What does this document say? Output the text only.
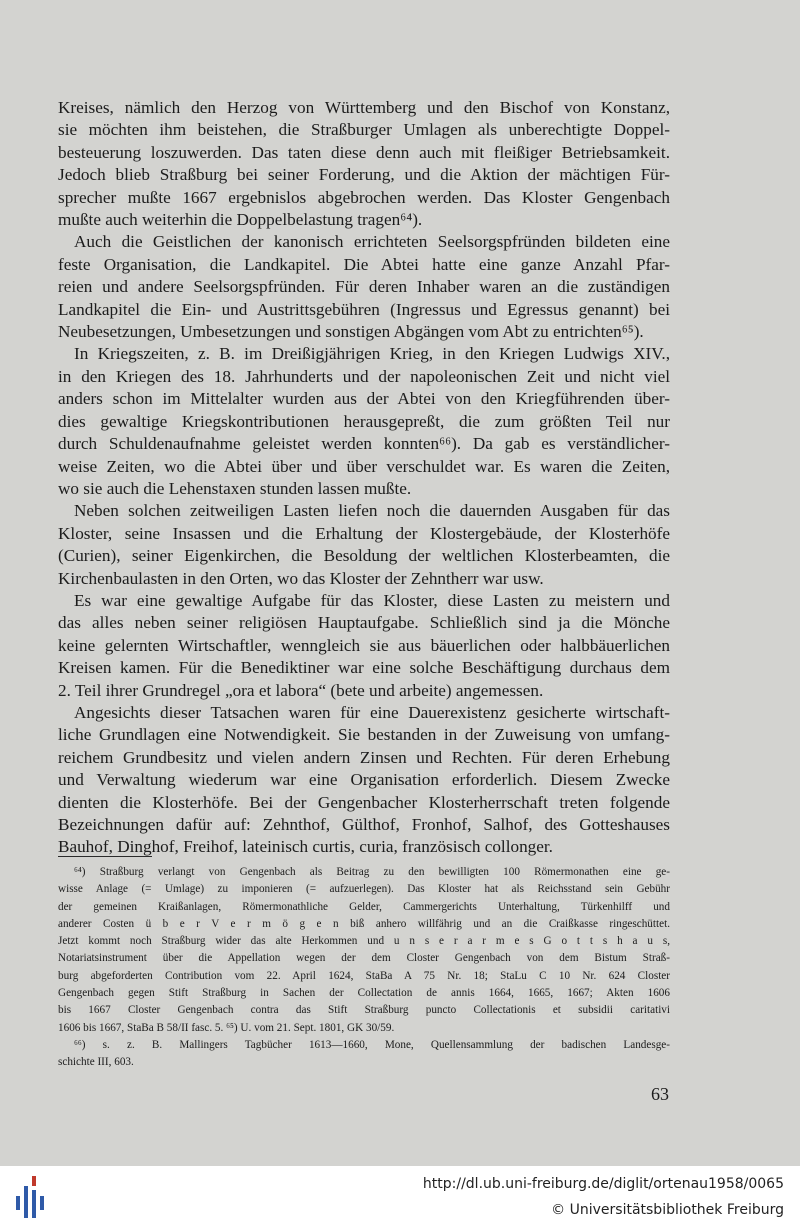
Kreises, nämlich den Herzog von Württemberg und den Bischof von Konstanz,
sie möchten ihm beistehen, die Straßburger Umlagen als unberechtigte Doppel-
besteuerung loszuwerden. Das taten diese denn auch mit fleißiger Betriebsamkeit.
Jedoch blieb Straßburg bei seiner Forderung, und die Aktion der mächtigen Für-
sprecher mußte 1667 ergebnislos abgebrochen werden. Das Kloster Gengenbach
mußte auch weiterhin die Doppelbelastung tragen⁶⁴).
Auch die Geistlichen der kanonisch errichteten Seelsorgspfründen bildeten eine
feste Organisation, die Landkapitel. Die Abtei hatte eine ganze Anzahl Pfar-
reien und andere Seelsorgspfründen. Für deren Inhaber waren an die zuständigen
Landkapitel die Ein- und Austrittsgebühren (Ingressus und Egressus genannt) bei
Neubesetzungen, Umbesetzungen und sonstigen Abgängen vom Abt zu entrichten⁶⁵).
In Kriegszeiten, z. B. im Dreißigjährigen Krieg, in den Kriegen Ludwigs XIV.,
in den Kriegen des 18. Jahrhunderts und der napoleonischen Zeit und nicht viel
anders schon im Mittelalter wurden aus der Abtei von den Kriegführenden über-
dies gewaltige Kriegskontributionen herausgepreßt, die zum größten Teil nur
durch Schuldenaufnahme geleistet werden konnten⁶⁶). Da gab es verständlicher-
weise Zeiten, wo die Abtei über und über verschuldet war. Es waren die Zeiten,
wo sie auch die Lehenstaxen stunden lassen mußte.
Neben solchen zeitweiligen Lasten liefen noch die dauernden Ausgaben für das
Kloster, seine Insassen und die Erhaltung der Klostergebäude, der Klosterhöfe
(Curien), seiner Eigenkirchen, die Besoldung der weltlichen Klosterbeamten, die
Kirchenbaulasten in den Orten, wo das Kloster der Zehntherr war usw.
Es war eine gewaltige Aufgabe für das Kloster, diese Lasten zu meistern und
das alles neben seiner religiösen Hauptaufgabe. Schließlich sind ja die Mönche
keine gelernten Wirtschaftler, wenngleich sie aus bäuerlichen oder halbbäuerlichen
Kreisen kamen. Für die Benediktiner war eine solche Beschäftigung durchaus dem
2. Teil ihrer Grundregel „ora et labora“ (bete und arbeite) angemessen.
Angesichts dieser Tatsachen waren für eine Dauerexistenz gesicherte wirtschaft-
liche Grundlagen eine Notwendigkeit. Sie bestanden in der Zuweisung von umfang-
reichem Grundbesitz und vielen andern Zinsen und Rechten. Für deren Erhebung
und Verwaltung wiederum war eine Organisation erforderlich. Diesem Zwecke
dienten die Klosterhöfe. Bei der Gengenbacher Klosterherrschaft treten folgende
Bezeichnungen dafür auf: Zehnthof, Gülthof, Fronhof, Salhof, des Gotteshauses
Bauhof, Dinghof, Freihof, lateinisch curtis, curia, französisch collonger.
⁶⁴) Straßburg verlangt von Gengenbach als Beitrag zu den bewilligten 100 Römermonathen eine ge-
wisse Anlage (= Umlage) zu imponieren (= aufzuerlegen). Das Kloster hat als Reichsstand sein Gebühr
der gemeinen Kraißanlagen, Römermonathliche Gelder, Cammergerichts Unterhaltung, Türkenhilff und
anderer Costen ü b e r V e r m ö g e n biß anhero willfährig und an die Craißkasse ringeschüttet.
Jetzt kommt noch Straßburg wider das alte Herkommen und u n s e r a r m e s G o t t s h a u s,
Notariatsinstrument über die Appellation wegen der dem Closter Gengenbach von dem Bistum Straß-
burg abgeforderten Contribution vom 22. April 1624, StaBa A 75 Nr. 18; StaLu C 10 Nr. 624 Closter
Gengenbach gegen Stift Straßburg in Sachen der Collectation de annis 1664, 1665, 1667; Akten 1606
bis 1667 Closter Gengenbach contra das Stift Straßburg puncto Collectationis et subsidii caritativi
1606 bis 1667, StaBa B 58/II fasc. 5. ⁶⁵) U. vom 21. Sept. 1801, GK 30/59.
⁶⁶) s. z. B. Mallingers Tagbücher 1613—1660, Mone, Quellensammlung der badischen Landesge-
schichte III, 603.
63
http://dl.ub.uni-freiburg.de/diglit/ortenau1958/0065
© Universitätsbibliothek Freiburg
